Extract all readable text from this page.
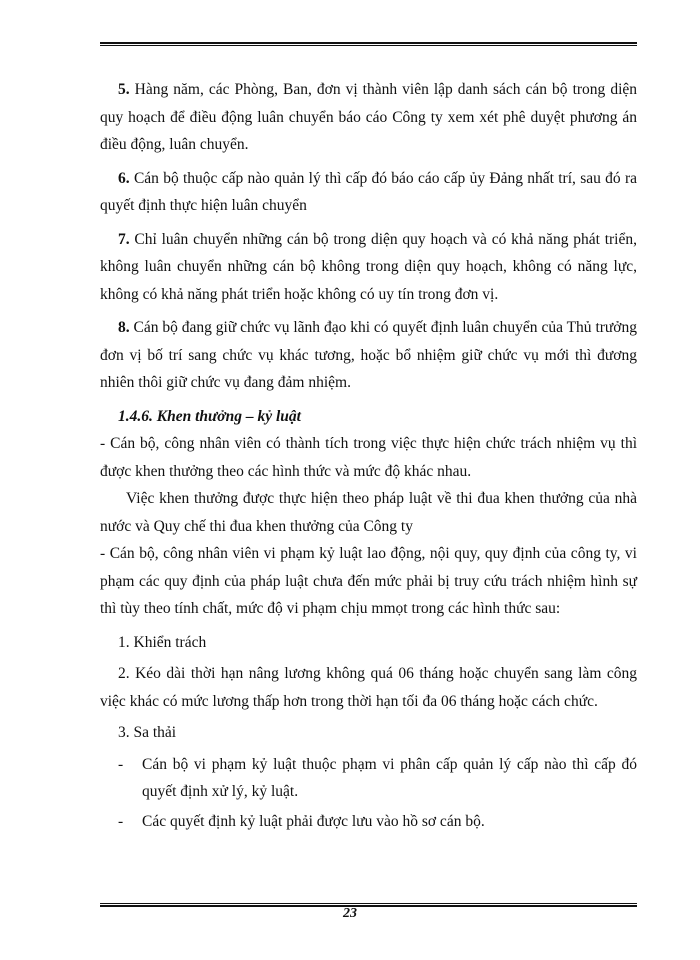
5. Hàng năm, các Phòng, Ban, đơn vị thành viên lập danh sách cán bộ trong diện quy hoạch để điều động luân chuyển báo cáo Công ty xem xét phê duyệt phương án điều động, luân chuyển.

6. Cán bộ thuộc cấp nào quản lý thì cấp đó báo cáo cấp ủy Đảng nhất trí, sau đó ra quyết định thực hiện luân chuyển

7. Chỉ luân chuyển những cán bộ trong diện quy hoạch và có khả năng phát triển, không luân chuyển những cán bộ không trong diện quy hoạch, không có năng lực, không có khả năng phát triển hoặc không có uy tín trong đơn vị.

8. Cán bộ đang giữ chức vụ lãnh đạo khi có quyết định luân chuyển của Thủ trưởng đơn vị bố trí sang chức vụ khác tương, hoặc bổ nhiệm giữ chức vụ mới thì đương nhiên thôi giữ chức vụ đang đảm nhiệm.

1.4.6. Khen thưởng – kỷ luật

- Cán bộ, công nhân viên có thành tích trong việc thực hiện chức trách nhiệm vụ thì được khen thưởng theo các hình thức và mức độ khác nhau.

Việc khen thưởng được thực hiện theo pháp luật về thi đua khen thưởng của nhà nước và Quy chế thi đua khen thưởng của Công ty

- Cán bộ, công nhân viên vi phạm kỷ luật lao động, nội quy, quy định của công ty, vi phạm các quy định của pháp luật chưa đến mức phải bị truy cứu trách nhiệm hình sự thì tùy theo tính chất, mức độ vi phạm chịu mmọt trong các hình thức sau:

1. Khiển trách

2. Kéo dài thời hạn nâng lương không quá 06 tháng hoặc chuyển sang làm công việc khác có mức lương thấp hơn trong thời hạn tối đa 06 tháng hoặc cách chức.

3. Sa thải

-	Cán bộ vi phạm kỷ luật thuộc phạm vi phân cấp quản lý cấp nào thì cấp đó quyết định xử lý, kỷ luật.

-	Các quyết định kỷ luật phải được lưu vào hồ sơ cán bộ.

23
